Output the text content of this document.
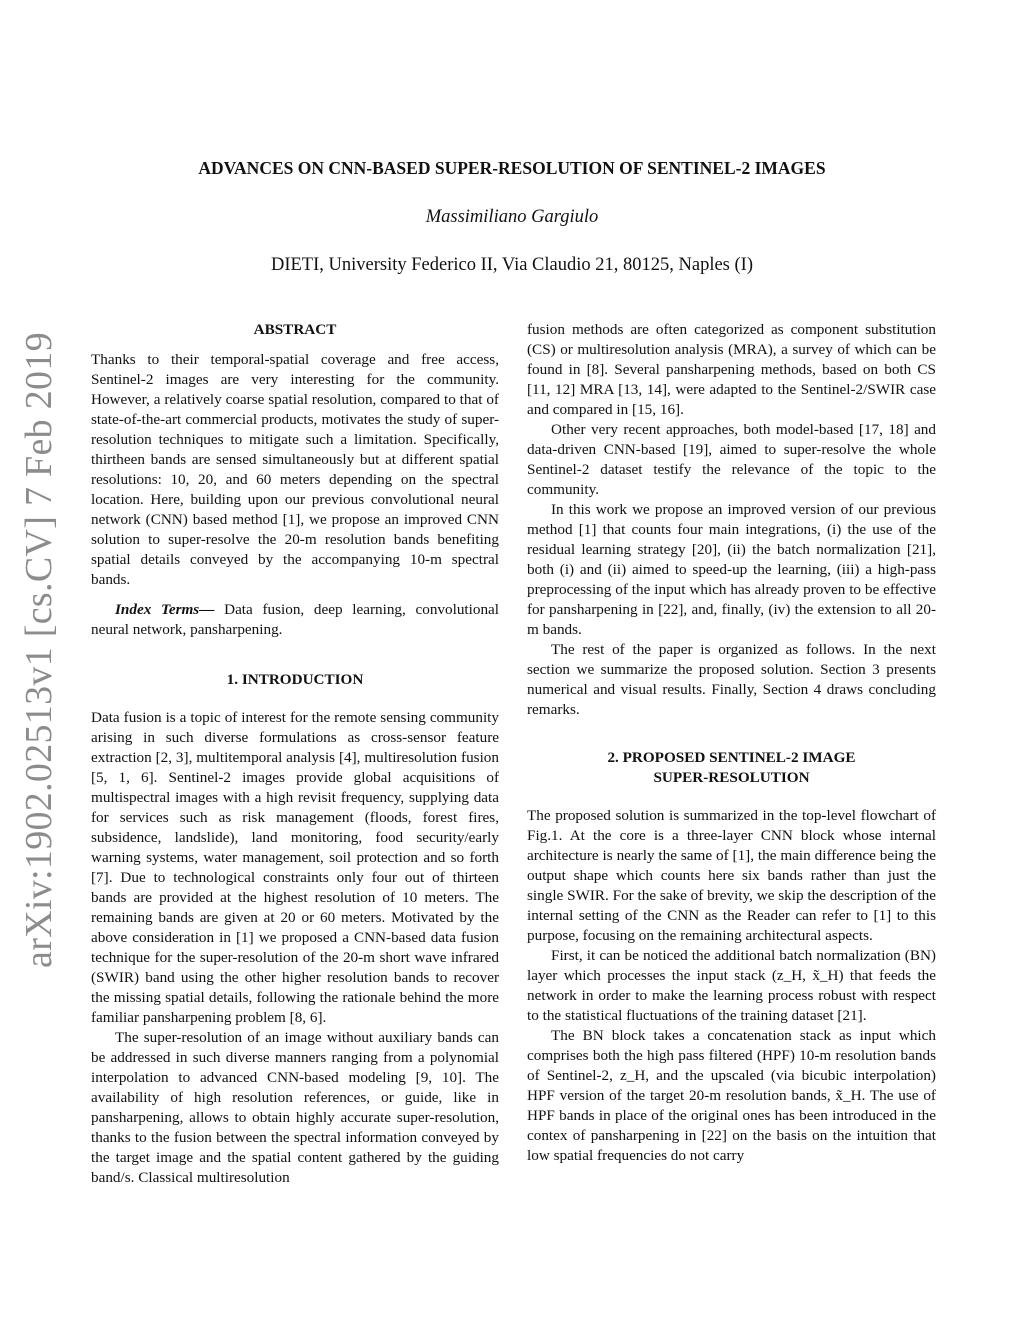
arXiv:1902.02513v1 [cs.CV] 7 Feb 2019
ADVANCES ON CNN-BASED SUPER-RESOLUTION OF SENTINEL-2 IMAGES
Massimiliano Gargiulo
DIETI, University Federico II, Via Claudio 21, 80125, Naples (I)
ABSTRACT

Thanks to their temporal-spatial coverage and free access, Sentinel-2 images are very interesting for the community. However, a relatively coarse spatial resolution, compared to that of state-of-the-art commercial products, motivates the study of super-resolution techniques to mitigate such a limitation. Specifically, thirtheen bands are sensed simultaneously but at different spatial resolutions: 10, 20, and 60 meters depending on the spectral location. Here, building upon our previous convolutional neural network (CNN) based method [1], we propose an improved CNN solution to super-resolve the 20-m resolution bands benefiting spatial details conveyed by the accompanying 10-m spectral bands.

Index Terms— Data fusion, deep learning, convolutional neural network, pansharpening.

1. INTRODUCTION

Data fusion is a topic of interest for the remote sensing community arising in such diverse formulations as cross-sensor feature extraction [2, 3], multitemporal analysis [4], multiresolution fusion [5, 1, 6]. Sentinel-2 images provide global acquisitions of multispectral images with a high revisit frequency, supplying data for services such as risk management (floods, forest fires, subsidence, landslide), land monitoring, food security/early warning systems, water management, soil protection and so forth [7]. Due to technological constraints only four out of thirteen bands are provided at the highest resolution of 10 meters. The remaining bands are given at 20 or 60 meters. Motivated by the above consideration in [1] we proposed a CNN-based data fusion technique for the super-resolution of the 20-m short wave infrared (SWIR) band using the other higher resolution bands to recover the missing spatial details, following the rationale behind the more familiar pansharpening problem [8, 6].

The super-resolution of an image without auxiliary bands can be addressed in such diverse manners ranging from a polynomial interpolation to advanced CNN-based modeling [9, 10]. The availability of high resolution references, or guide, like in pansharpening, allows to obtain highly accurate super-resolution, thanks to the fusion between the spectral information conveyed by the target image and the spatial content gathered by the guiding band/s. Classical multiresolution

fusion methods are often categorized as component substitution (CS) or multiresolution analysis (MRA), a survey of which can be found in [8]. Several pansharpening methods, based on both CS [11, 12] MRA [13, 14], were adapted to the Sentinel-2/SWIR case and compared in [15, 16].

Other very recent approaches, both model-based [17, 18] and data-driven CNN-based [19], aimed to super-resolve the whole Sentinel-2 dataset testify the relevance of the topic to the community.

In this work we propose an improved version of our previous method [1] that counts four main integrations, (i) the use of the residual learning strategy [20], (ii) the batch normalization [21], both (i) and (ii) aimed to speed-up the learning, (iii) a high-pass preprocessing of the input which has already proven to be effective for pansharpening in [22], and, finally, (iv) the extension to all 20-m bands.

The rest of the paper is organized as follows. In the next section we summarize the proposed solution. Section 3 presents numerical and visual results. Finally, Section 4 draws concluding remarks.

2. PROPOSED SENTINEL-2 IMAGE
SUPER-RESOLUTION

The proposed solution is summarized in the top-level flowchart of Fig.1. At the core is a three-layer CNN block whose internal architecture is nearly the same of [1], the main difference being the output shape which counts here six bands rather than just the single SWIR. For the sake of brevity, we skip the description of the internal setting of the CNN as the Reader can refer to [1] to this purpose, focusing on the remaining architectural aspects.

First, it can be noticed the additional batch normalization (BN) layer which processes the input stack (z_H, x̃_H) that feeds the network in order to make the learning process robust with respect to the statistical fluctuations of the training dataset [21].

The BN block takes a concatenation stack as input which comprises both the high pass filtered (HPF) 10-m resolution bands of Sentinel-2, z_H, and the upscaled (via bicubic interpolation) HPF version of the target 20-m resolution bands, x̃_H. The use of HPF bands in place of the original ones has been introduced in the contex of pansharpening in [22] on the basis on the intuition that low spatial frequencies do not carry
